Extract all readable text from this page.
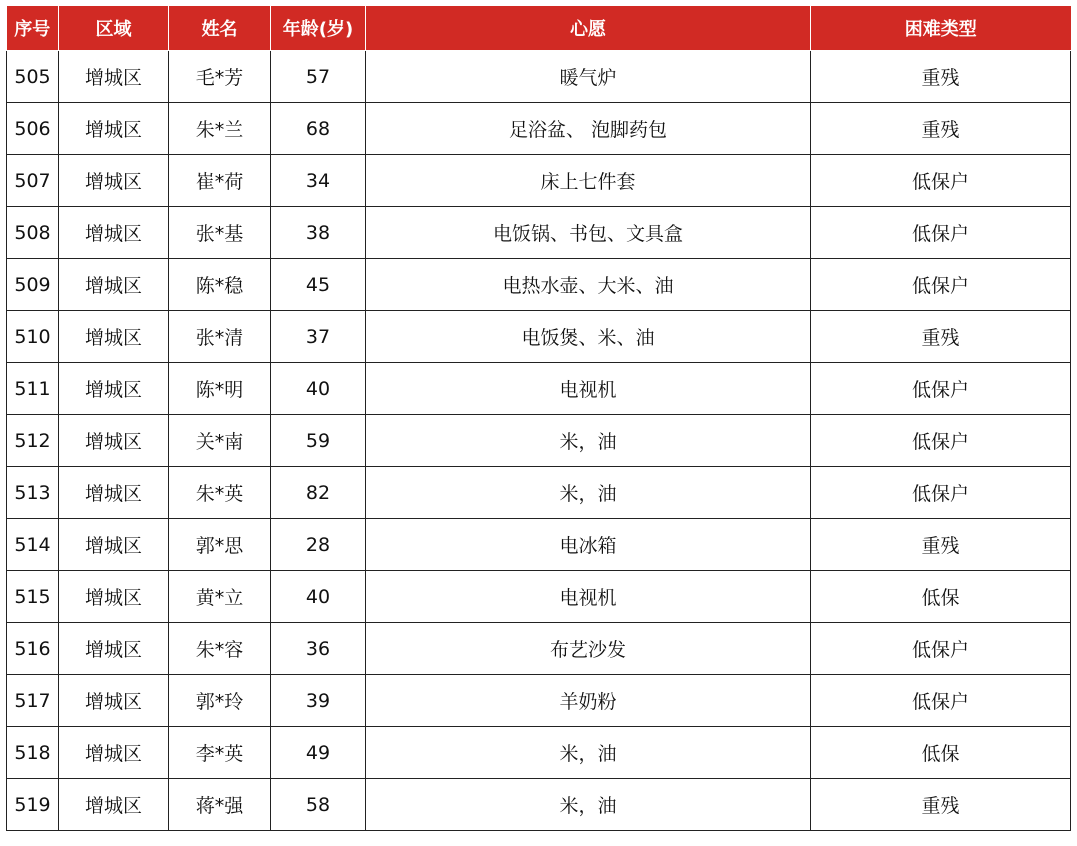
序号	区域	姓名	年龄(岁)	心愿	困难类型
505	增城区	毛*芳	57	暖气炉	重残
506	增城区	朱*兰	68	足浴盆、 泡脚药包	重残
507	增城区	崔*荷	34	床上七件套	低保户
508	增城区	张*基	38	电饭锅、书包、文具盒	低保户
509	增城区	陈*稳	45	电热水壶、大米、油	低保户
510	增城区	张*清	37	电饭煲、米、油	重残
511	增城区	陈*明	40	电视机	低保户
512	增城区	关*南	59	米，油	低保户
513	增城区	朱*英	82	米，油	低保户
514	增城区	郭*思	28	电冰箱	重残
515	增城区	黄*立	40	电视机	低保
516	增城区	朱*容	36	布艺沙发	低保户
517	增城区	郭*玲	39	羊奶粉	低保户
518	增城区	李*英	49	米，油	低保
519	增城区	蒋*强	58	米，油	重残
